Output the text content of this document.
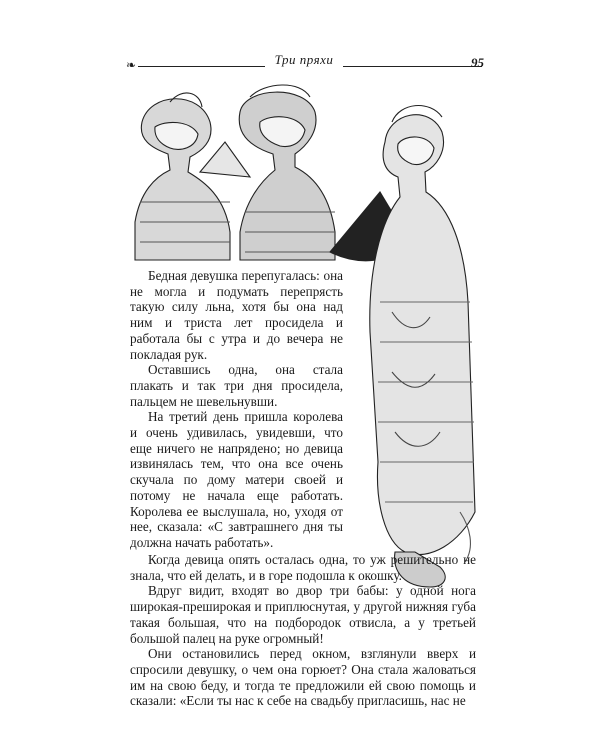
❧	Три пряхи	95

Бедная девушка перепугалась: она не могла и подумать перепрясть такую силу льна, хотя бы она над ним и триста лет просидела и работала бы с утра и до вечера не покладая рук.

Оставшись одна, она стала плакать и так три дня просидела, пальцем не шевельнувши.

На третий день пришла королева и очень удивилась, увидевши, что еще ничего не напрядено; но девица извинялась тем, что она все очень скучала по дому матери своей и потому не начала еще работать. Королева ее выслушала, но, уходя от нее, сказала: «С завтрашнего дня ты должна начать работать».

Когда девица опять осталась одна, то уж решительно не знала, что ей делать, и в горе подошла к окошку.

Вдруг видит, входят во двор три бабы: у одной нога широкая-преширокая и приплюснутая, у другой нижняя губа такая большая, что на подбородок отвисла, а у третьей большой палец на руке огромный!

Они остановились перед окном, взглянули вверх и спросили девушку, о чем она горюет? Она стала жаловаться им на свою беду, и тогда те предложили ей свою помощь и сказали: «Если ты нас к себе на свадьбу пригласишь, нас не
